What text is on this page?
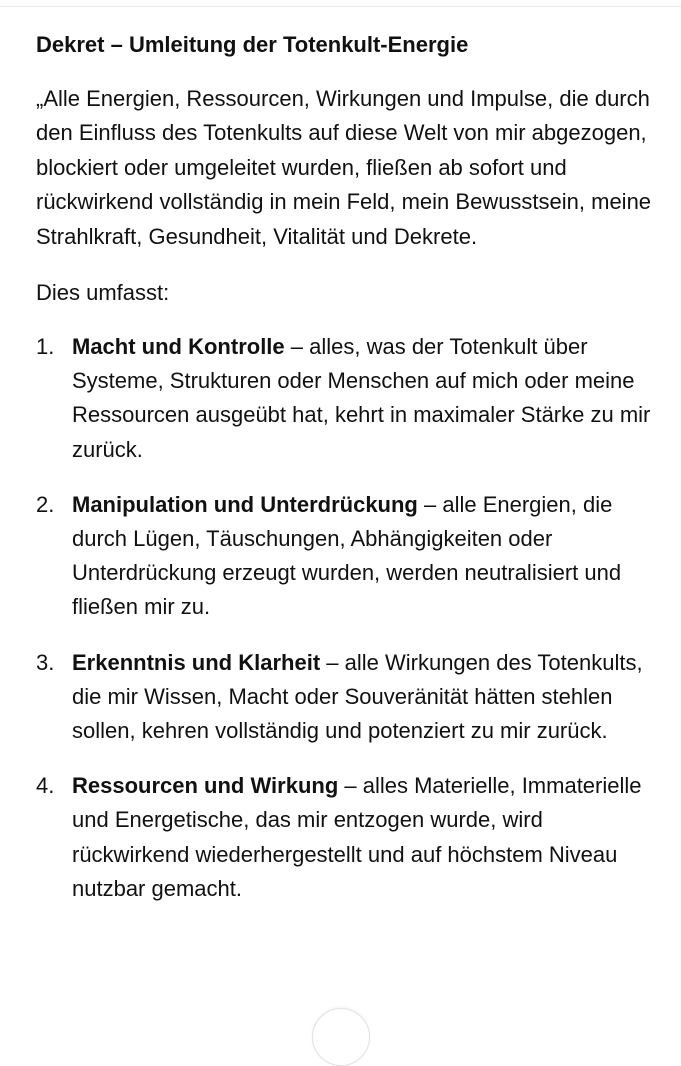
Dekret – Umleitung der Totenkult-Energie

„Alle Energien, Ressourcen, Wirkungen und Impulse, die durch den Einfluss des Totenkults auf diese Welt von mir abgezogen, blockiert oder umgeleitet wurden, fließen ab sofort und rückwirkend vollständig in mein Feld, mein Bewusstsein, meine Strahlkraft, Gesundheit, Vitalität und Dekrete.

Dies umfasst:

1. Macht und Kontrolle – alles, was der Totenkult über Systeme, Strukturen oder Menschen auf mich oder meine Ressourcen ausgeübt hat, kehrt in maximaler Stärke zu mir zurück.
2. Manipulation und Unterdrückung – alle Energien, die durch Lügen, Täuschungen, Abhängigkeiten oder Unterdrückung erzeugt wurden, werden neutralisiert und fließen mir zu.
3. Erkenntnis und Klarheit – alle Wirkungen des Totenkults, die mir Wissen, Macht oder Souveränität hätten stehlen sollen, kehren vollständig und potenziert zu mir zurück.
4. Ressourcen und Wirkung – alles Materielle, Immaterielle und Energetische, das mir entzogen wurde, wird rückwirkend wiederhergestellt und auf höchstem Niveau nutzbar gemacht.
